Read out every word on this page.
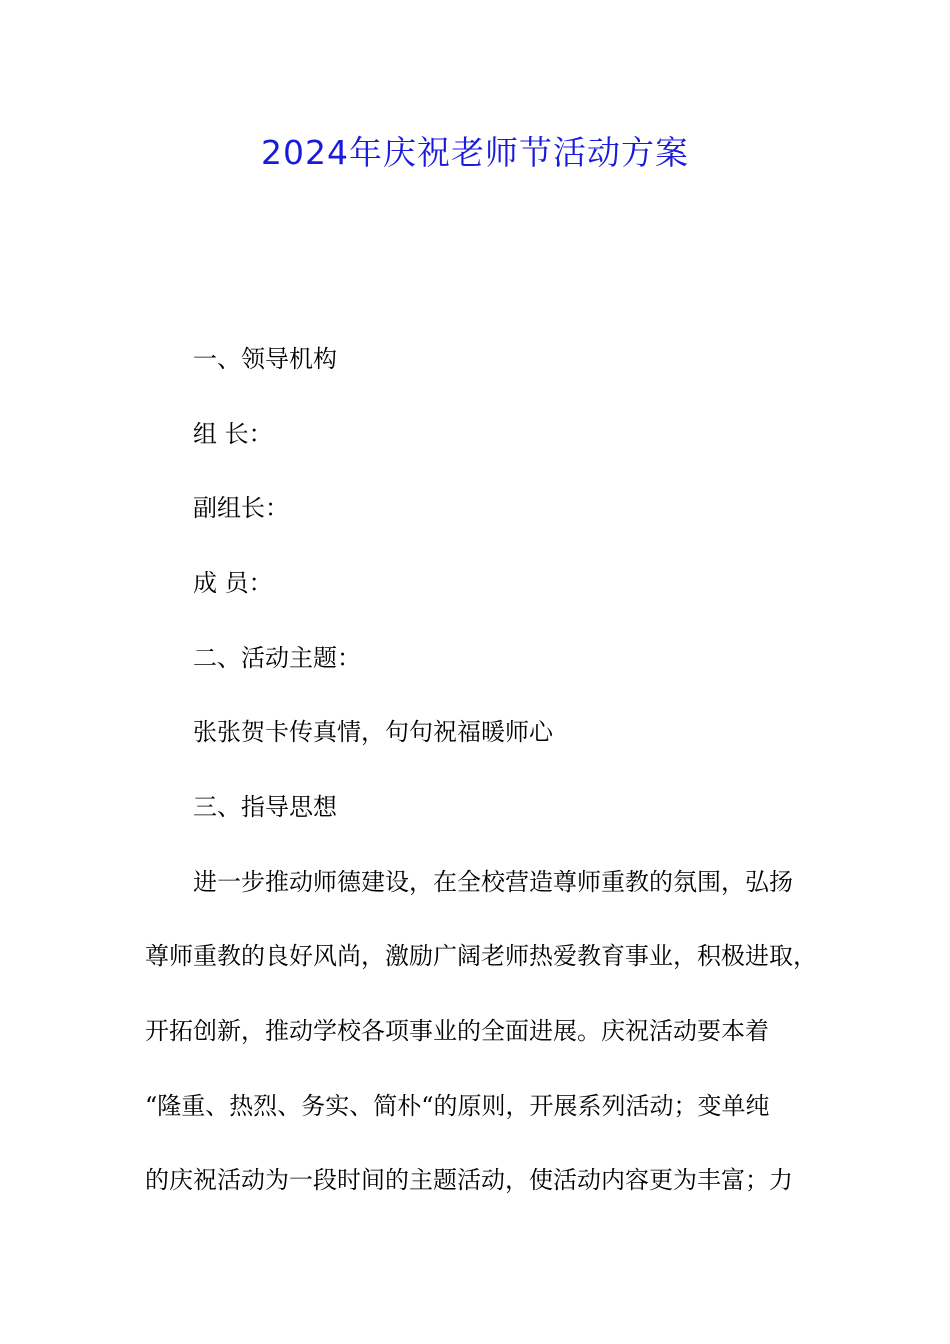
2024年庆祝老师节活动方案
一、领导机构
组 长：
副组长：
成 员：
二、活动主题：
张张贺卡传真情，句句祝福暖师心
三、指导思想
进一步推动师德建设，在全校营造尊师重教的氛围，弘扬
尊师重教的良好风尚，激励广阔老师热爱教育事业，积极进取，
开拓创新，推动学校各项事业的全面进展。庆祝活动要本着
“隆重、热烈、务实、简朴“的原则，开展系列活动；变单纯
的庆祝活动为一段时间的主题活动，使活动内容更为丰富；力
